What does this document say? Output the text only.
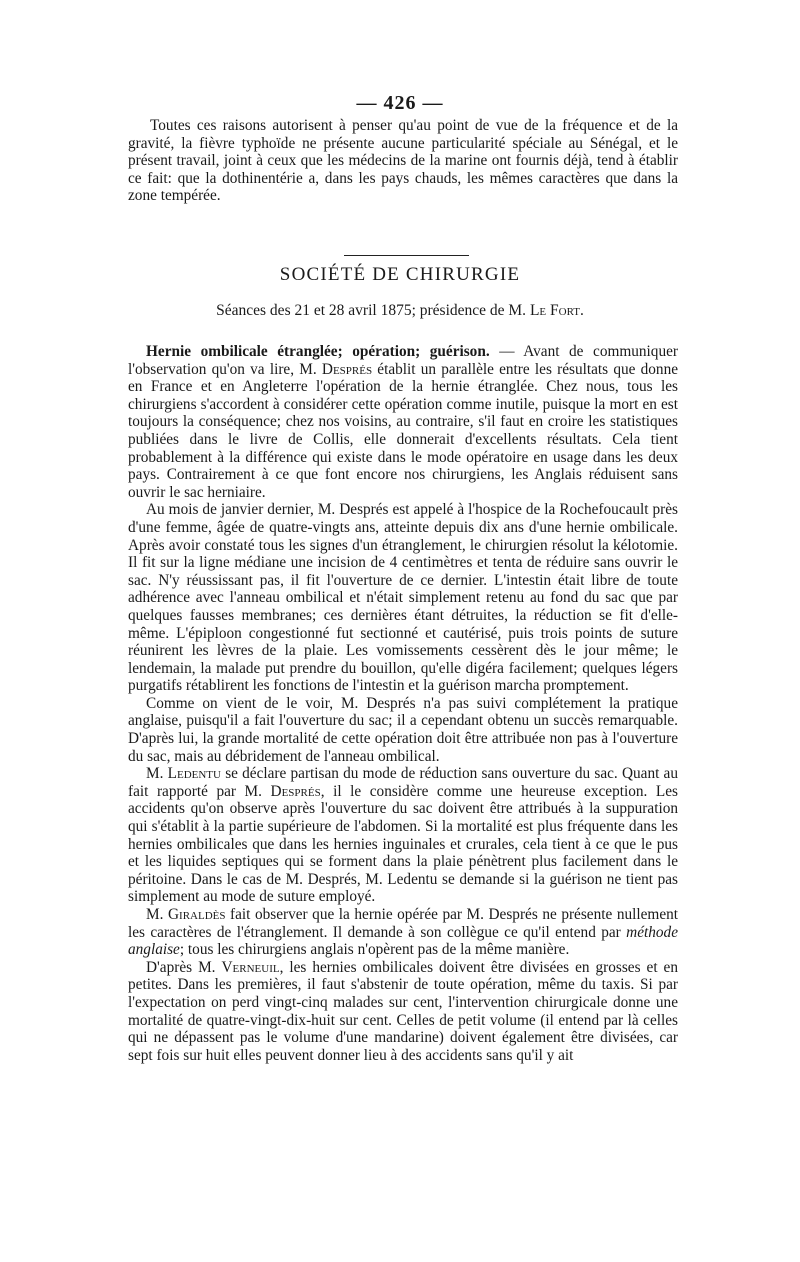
— 426 —

Toutes ces raisons autorisent à penser qu'au point de vue de la fréquence et de la gravité, la fièvre typhoïde ne présente aucune particularité spéciale au Sénégal, et le présent travail, joint à ceux que les médecins de la marine ont fournis déjà, tend à établir ce fait: que la dothinentérie a, dans les pays chauds, les mêmes caractères que dans la zone tempérée.

SOCIÉTÉ DE CHIRURGIE
Séances des 21 et 28 avril 1875; présidence de M. Le Fort.

Hernie ombilicale étranglée; opération; guérison. — Avant de communiquer l'observation qu'on va lire, M. Després établit un parallèle entre les résultats que donne en France et en Angleterre l'opération de la hernie étranglée. Chez nous, tous les chirurgiens s'accordent à considérer cette opération comme inutile, puisque la mort en est toujours la conséquence; chez nos voisins, au contraire, s'il faut en croire les statistiques publiées dans le livre de Collis, elle donnerait d'excellents résultats. Cela tient probablement à la différence qui existe dans le mode opératoire en usage dans les deux pays. Contrairement à ce que font encore nos chirurgiens, les Anglais réduisent sans ouvrir le sac herniaire.

Au mois de janvier dernier, M. Després est appelé à l'hospice de la Rochefoucault près d'une femme, âgée de quatre-vingts ans, atteinte depuis dix ans d'une hernie ombilicale. Après avoir constaté tous les signes d'un étranglement, le chirurgien résolut la kélotomie. Il fit sur la ligne médiane une incision de 4 centimètres et tenta de réduire sans ouvrir le sac. N'y réussissant pas, il fit l'ouverture de ce dernier. L'intestin était libre de toute adhérence avec l'anneau ombilical et n'était simplement retenu au fond du sac que par quelques fausses membranes; ces dernières étant détruites, la réduction se fit d'elle-même. L'épiploon congestionné fut sectionné et cautérisé, puis trois points de suture réunirent les lèvres de la plaie. Les vomissements cessèrent dès le jour même; le lendemain, la malade put prendre du bouillon, qu'elle digéra facilement; quelques légers purgatifs rétablirent les fonctions de l'intestin et la guérison marcha promptement.

Comme on vient de le voir, M. Després n'a pas suivi complétement la pratique anglaise, puisqu'il a fait l'ouverture du sac; il a cependant obtenu un succès remarquable. D'après lui, la grande mortalité de cette opération doit être attribuée non pas à l'ouverture du sac, mais au débridement de l'anneau ombilical.

M. Ledentu se déclare partisan du mode de réduction sans ouverture du sac. Quant au fait rapporté par M. Després, il le considère comme une heureuse exception. Les accidents qu'on observe après l'ouverture du sac doivent être attribués à la suppuration qui s'établit à la partie supérieure de l'abdomen. Si la mortalité est plus fréquente dans les hernies ombilicales que dans les hernies inguinales et crurales, cela tient à ce que le pus et les liquides septiques qui se forment dans la plaie pénètrent plus facilement dans le péritoine. Dans le cas de M. Després, M. Ledentu se demande si la guérison ne tient pas simplement au mode de suture employé.

M. Giraldès fait observer que la hernie opérée par M. Després ne présente nullement les caractères de l'étranglement. Il demande à son collègue ce qu'il entend par méthode anglaise; tous les chirurgiens anglais n'opèrent pas de la même manière.

D'après M. Verneuil, les hernies ombilicales doivent être divisées en grosses et en petites. Dans les premières, il faut s'abstenir de toute opération, même du taxis. Si par l'expectation on perd vingt-cinq malades sur cent, l'intervention chirurgicale donne une mortalité de quatre-vingt-dix-huit sur cent. Celles de petit volume (il entend par là celles qui ne dépassent pas le volume d'une mandarine) doivent également être divisées, car sept fois sur huit elles peuvent donner lieu à des accidents sans qu'il y ait
